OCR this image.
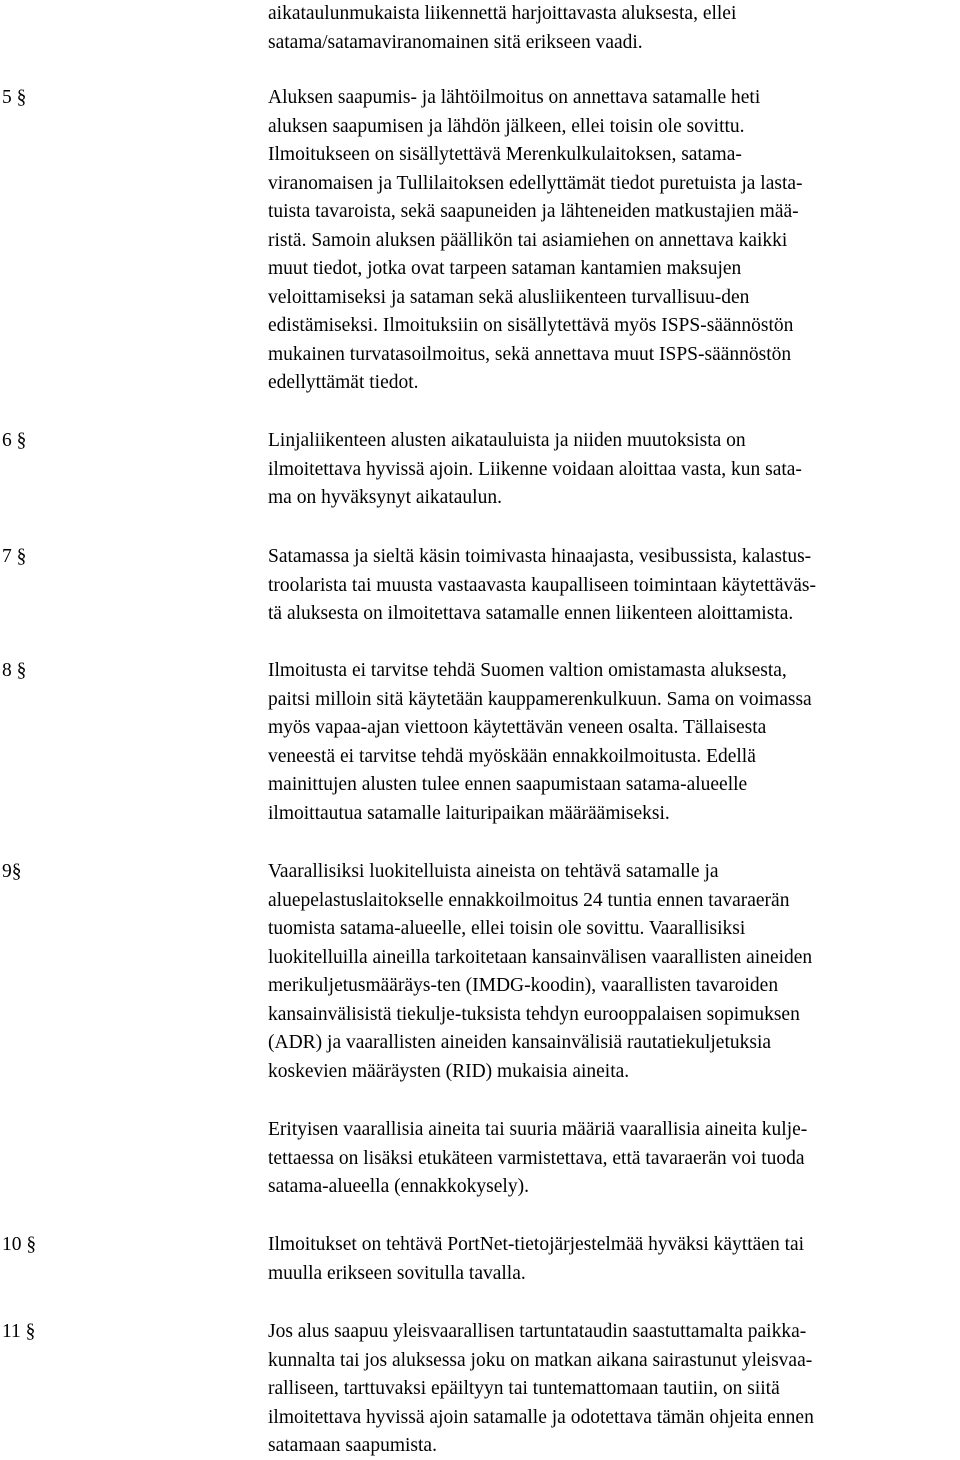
aikataulunmukaista liikennettä harjoittavasta aluksesta, ellei
satama/satamaviranomainen sitä erikseen vaadi.
5 §	Aluksen saapumis- ja lähtöilmoitus on annettava satamalle heti
aluksen saapumisen ja lähdön jälkeen, ellei toisin ole sovittu.
Ilmoitukseen on sisällytettävä Merenkulkulaitoksen, satama-
viranomaisen ja Tullilaitoksen edellyttämät tiedot puretuista ja lasta-
tuista tavaroista, sekä saapuneiden ja lähteneiden matkustajien mää-
ristä. Samoin aluksen päällikön tai asiamiehen on annettava kaikki
muut tiedot, jotka ovat tarpeen sataman kantamien maksujen
veloittamiseksi ja sataman sekä alusliikenteen turvallisuu-den
edistämiseksi. Ilmoituksiin on sisällytettävä myös ISPS-säännöstön
mukainen turvatasoilmoitus, sekä annettava muut ISPS-säännöstön
edellyttämät tiedot.
6 §	Linjaliikenteen alusten aikatauluista ja niiden muutoksista on
ilmoitettava hyvissä ajoin. Liikenne voidaan aloittaa vasta, kun sata-
ma on hyväksynyt aikataulun.
7 §	Satamassa ja sieltä käsin toimivasta hinaajasta, vesibussista, kalastus-
troolarista tai muusta vastaavasta kaupalliseen toimintaan käytettäväs-
tä aluksesta on ilmoitettava satamalle ennen liikenteen aloittamista.
8 §	Ilmoitusta ei tarvitse tehdä Suomen valtion omistamasta aluksesta,
paitsi milloin sitä käytetään kauppamerenkulkuun. Sama on voimassa
myös vapaa-ajan viettoon käytettävän veneen osalta. Tällaisesta
veneestä ei tarvitse tehdä myöskään ennakkoilmoitusta. Edellä
mainittujen alusten tulee ennen saapumistaan satama-alueelle
ilmoittautua satamalle laituripaikan määräämiseksi.
9§	Vaarallisiksi luokitelluista aineista on tehtävä satamalle ja
aluepelastuslaitokselle ennakkoilmoitus 24 tuntia ennen tavaraerän
tuomista satama-alueelle, ellei toisin ole sovittu. Vaarallisiksi
luokitelluilla aineilla tarkoitetaan kansainvälisen vaarallisten aineiden
merikuljetusmääräys-ten (IMDG-koodin), vaarallisten tavaroiden
kansainvälisistä tiekulje-tuksista tehdyn eurooppalaisen sopimuksen
(ADR) ja vaarallisten aineiden kansainvälisiä rautatiekuljetuksia
koskevien määräysten (RID) mukaisia aineita.
Erityisen vaarallisia aineita tai suuria määriä vaarallisia aineita kulje-
tettaessa on lisäksi etukäteen varmistettava, että tavaraerän voi tuoda
satama-alueella (ennakkokysely).
10 §	Ilmoitukset on tehtävä PortNet-tietojärjestelmää hyväksi käyttäen tai
muulla erikseen sovitulla tavalla.
11 §	Jos alus saapuu yleisvaarallisen tartuntataudin saastuttamalta paikka-
kunnalta tai jos aluksessa joku on matkan aikana sairastunut yleisvaa-
ralliseen, tarttuvaksi epäiltyyn tai tuntemattomaan tautiin, on siitä
ilmoitettava hyvissä ajoin satamalle ja odotettava tämän ohjeita ennen
satamaan saapumista.
